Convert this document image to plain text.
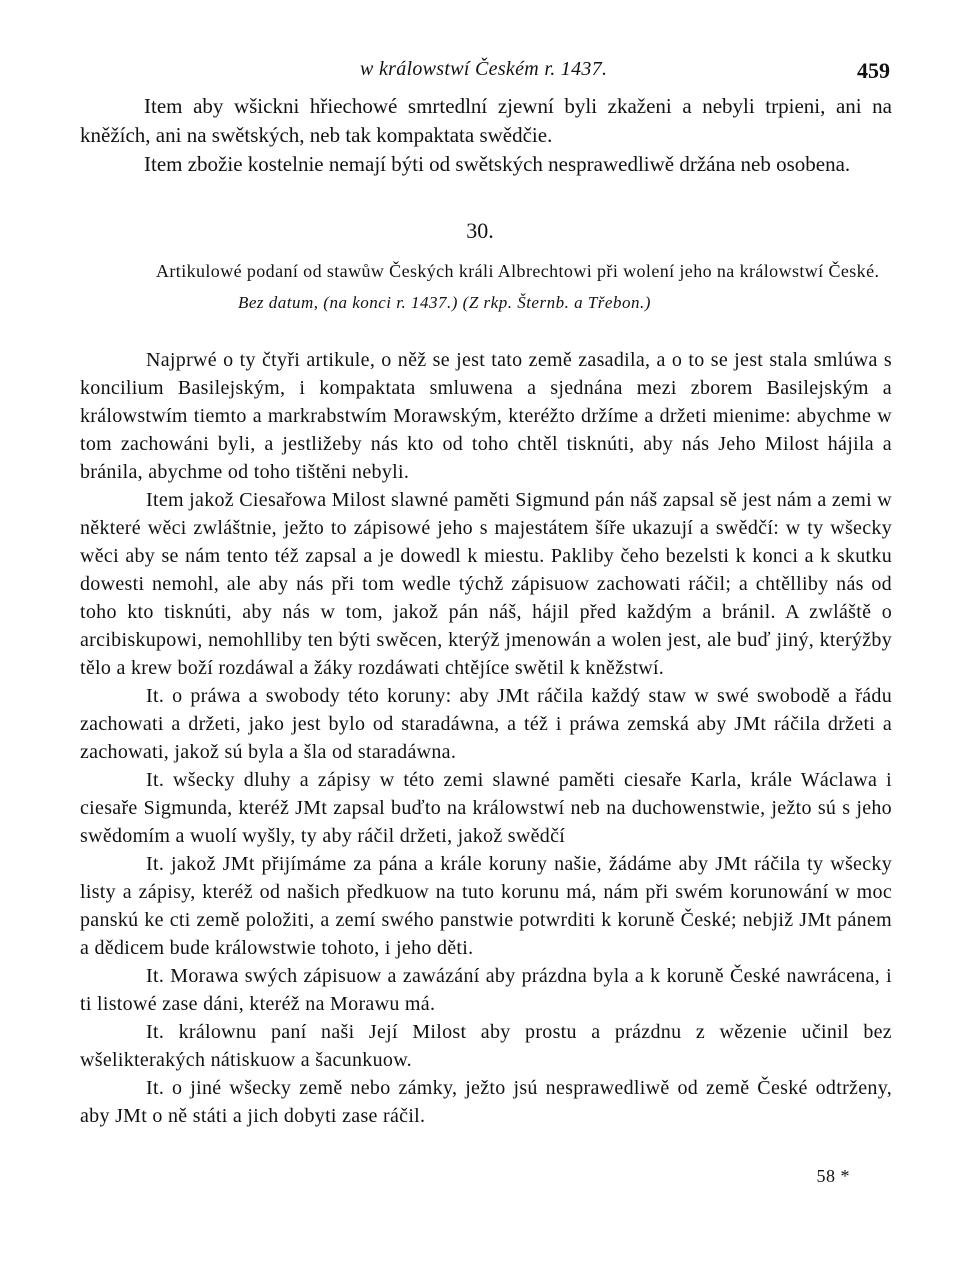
w králowstwí Českém r. 1437.	459

Item aby wšickni hřiechowé smrtedlní zjewní byli zkaženi a nebyli trpieni, ani na kněžích, ani na swětských, neb tak kompaktata swědčie.

Item zbožie kostelnie nemají býti od swětských nesprawedliwě držána neb osobena.

30.

Artikulowé podaní od stawůw Českých králi Albrechtowi při wolení jeho na králowstwí České.

Bez datum, (na konci r. 1437.) (Z rkp. Šternb. a Třebon.)

Najprwé o ty čtyři artikule, o něž se jest tato země zasadila, a o to se jest stala smlúwa s koncilium Basilejským, i kompaktata smluwena a sjednána mezi zborem Basilejským a králowstwím tiemto a markrabstwím Morawským, kteréžto držíme a držeti mienime: abychme w tom zachowáni byli, a jestližeby nás kto od toho chtěl tisknúti, aby nás Jeho Milost hájila a bránila, abychme od toho tištěni nebyli.

Item jakož Ciesařowa Milost slawné paměti Sigmund pán náš zapsal sě jest nám a zemi w některé wěci zwláštnie, ježto to zápisowé jeho s majestátem šíře ukazují a swědčí: w ty wšecky wěci aby se nám tento též zapsal a je dowedl k miestu. Pakliby čeho bezelsti k konci a k skutku dowesti nemohl, ale aby nás při tom wedle týchž zápisuow zachowati ráčil; a chtělliby nás od toho kto tisknúti, aby nás w tom, jakož pán náš, hájil před každým a bránil. A zwláště o arcibiskupowi, nemohlliby ten býti swěcen, kterýž jmenowán a wolen jest, ale buď jiný, kterýžby tělo a krew boží rozdáwal a žáky rozdáwati chtějíce swětil k kněžstwí.

It. o práwa a swobody této koruny: aby JMt ráčila každý staw w swé swobodě a řádu zachowati a držeti, jako jest bylo od staradáwna, a též i práwa zemská aby JMt ráčila držeti a zachowati, jakož sú byla a šla od staradáwna.

It. wšecky dluhy a zápisy w této zemi slawné paměti ciesaře Karla, krále Wáclawa i ciesaře Sigmunda, kteréž JMt zapsal buďto na králowstwí neb na duchowenstwie, ježto sú s jeho swědomím a wuolí wyšly, ty aby ráčil držeti, jakož swědčí

It. jakož JMt přijímáme za pána a krále koruny našie, žádáme aby JMt ráčila ty wšecky listy a zápisy, kteréž od našich předkuow na tuto korunu má, nám při swém korunowání w moc panskú ke cti země položiti, a zemí swého panstwie potwrditi k koruně České; nebjiž JMt pánem a dědicem bude králowstwie tohoto, i jeho děti.

It. Morawa swých zápisuow a zawázání aby prázdna byla a k koruně České nawrácena, i ti listowé zase dáni, kteréž na Morawu má.

It. králownu paní naši Její Milost aby prostu a prázdnu z wězenie učinil bez wšelikterakých nátiskuow a šacunkuow.

It. o jiné wšecky země nebo zámky, ježto jsú nesprawedliwě od země České odtrženy, aby JMt o ně státi a jich dobyti zase ráčil.

58 *
